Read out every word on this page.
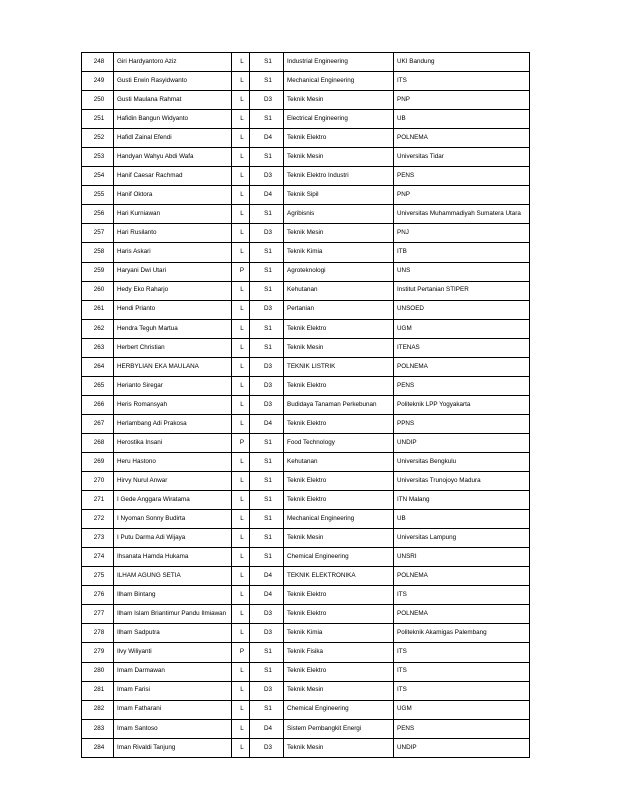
248	Giri Hardyantoro Aziz	L	S1	Industrial Engineering	UKI Bandung
249	Gusti Erwin Rasyidwanto	L	S1	Mechanical Engineering	ITS
250	Gusti Maulana Rahmat	L	D3	Teknik Mesin	PNP
251	Hafidin Bangun Widyanto	L	S1	Electrical Engineering	UB
252	Hafidl Zainal Efendi	L	D4	Teknik Elektro	POLNEMA
253	Handyan Wahyu Abdi Wafa	L	S1	Teknik Mesin	Universitas Tidar
254	Hanif Caesar Rachmad	L	D3	Teknik Elektro Industri	PENS
255	Hanif Oktora	L	D4	Teknik Sipil	PNP
256	Hari Kurniawan	L	S1	Agribisnis	Universitas Muhammadiyah Sumatera Utara
257	Hari Rusilanto	L	D3	Teknik Mesin	PNJ
258	Haris Askari	L	S1	Teknik Kimia	ITB
259	Haryani Dwi Utari	P	S1	Agroteknologi	UNS
260	Hedy Eko Raharjo	L	S1	Kehutanan	Institut Pertanian STIPER
261	Hendi Prianto	L	D3	Pertanian	UNSOED
262	Hendra Teguh Martua	L	S1	Teknik Elektro	UGM
263	Herbert Christian	L	S1	Teknik Mesin	ITENAS
264	HERBYLIAN EKA MAULANA	L	D3	TEKNIK LISTRIK	POLNEMA
265	Herianto Siregar	L	D3	Teknik Elektro	PENS
266	Heris Romansyah	L	D3	Budidaya Tanaman Perkebunan	Politeknik LPP Yogyakarta
267	Herlambang Adi Prakosa	L	D4	Teknik Elektro	PPNS
268	Herostika Insani	P	S1	Food Technology	UNDIP
269	Heru Hastono	L	S1	Kehutanan	Universitas Bengkulu
270	Hirvy Nurul Anwar	L	S1	Teknik Elektro	Universitas Trunojoyo Madura
271	I Gede Anggara Wiratama	L	S1	Teknik Elektro	ITN Malang
272	I Nyoman Sonny Budirta	L	S1	Mechanical Engineering	UB
273	I Putu Darma Adi Wijaya	L	S1	Teknik Mesin	Universitas Lampung
274	Ihsanata Hamda Hukama	L	S1	Chemical Engineering	UNSRI
275	ILHAM AGUNG SETIA	L	D4	TEKNIK ELEKTRONIKA	POLNEMA
276	Ilham Bintang	L	D4	Teknik Elektro	ITS
277	Ilham Islam Briantimur Pandu Ilmiawan	L	D3	Teknik Elektro	POLNEMA
278	Ilham Sadputra	L	D3	Teknik Kimia	Politeknik Akamigas Palembang
279	Ilvy Wiliyanti	P	S1	Teknik Fisika	ITS
280	Imam Darmawan	L	S1	Teknik Elektro	ITS
281	Imam Farisi	L	D3	Teknik Mesin	ITS
282	Imam Fatharani	L	S1	Chemical Engineering	UGM
283	Imam Santoso	L	D4	Sistem Pembangkit Energi	PENS
284	Iman Rivaldi Tanjung	L	D3	Teknik Mesin	UNDIP
